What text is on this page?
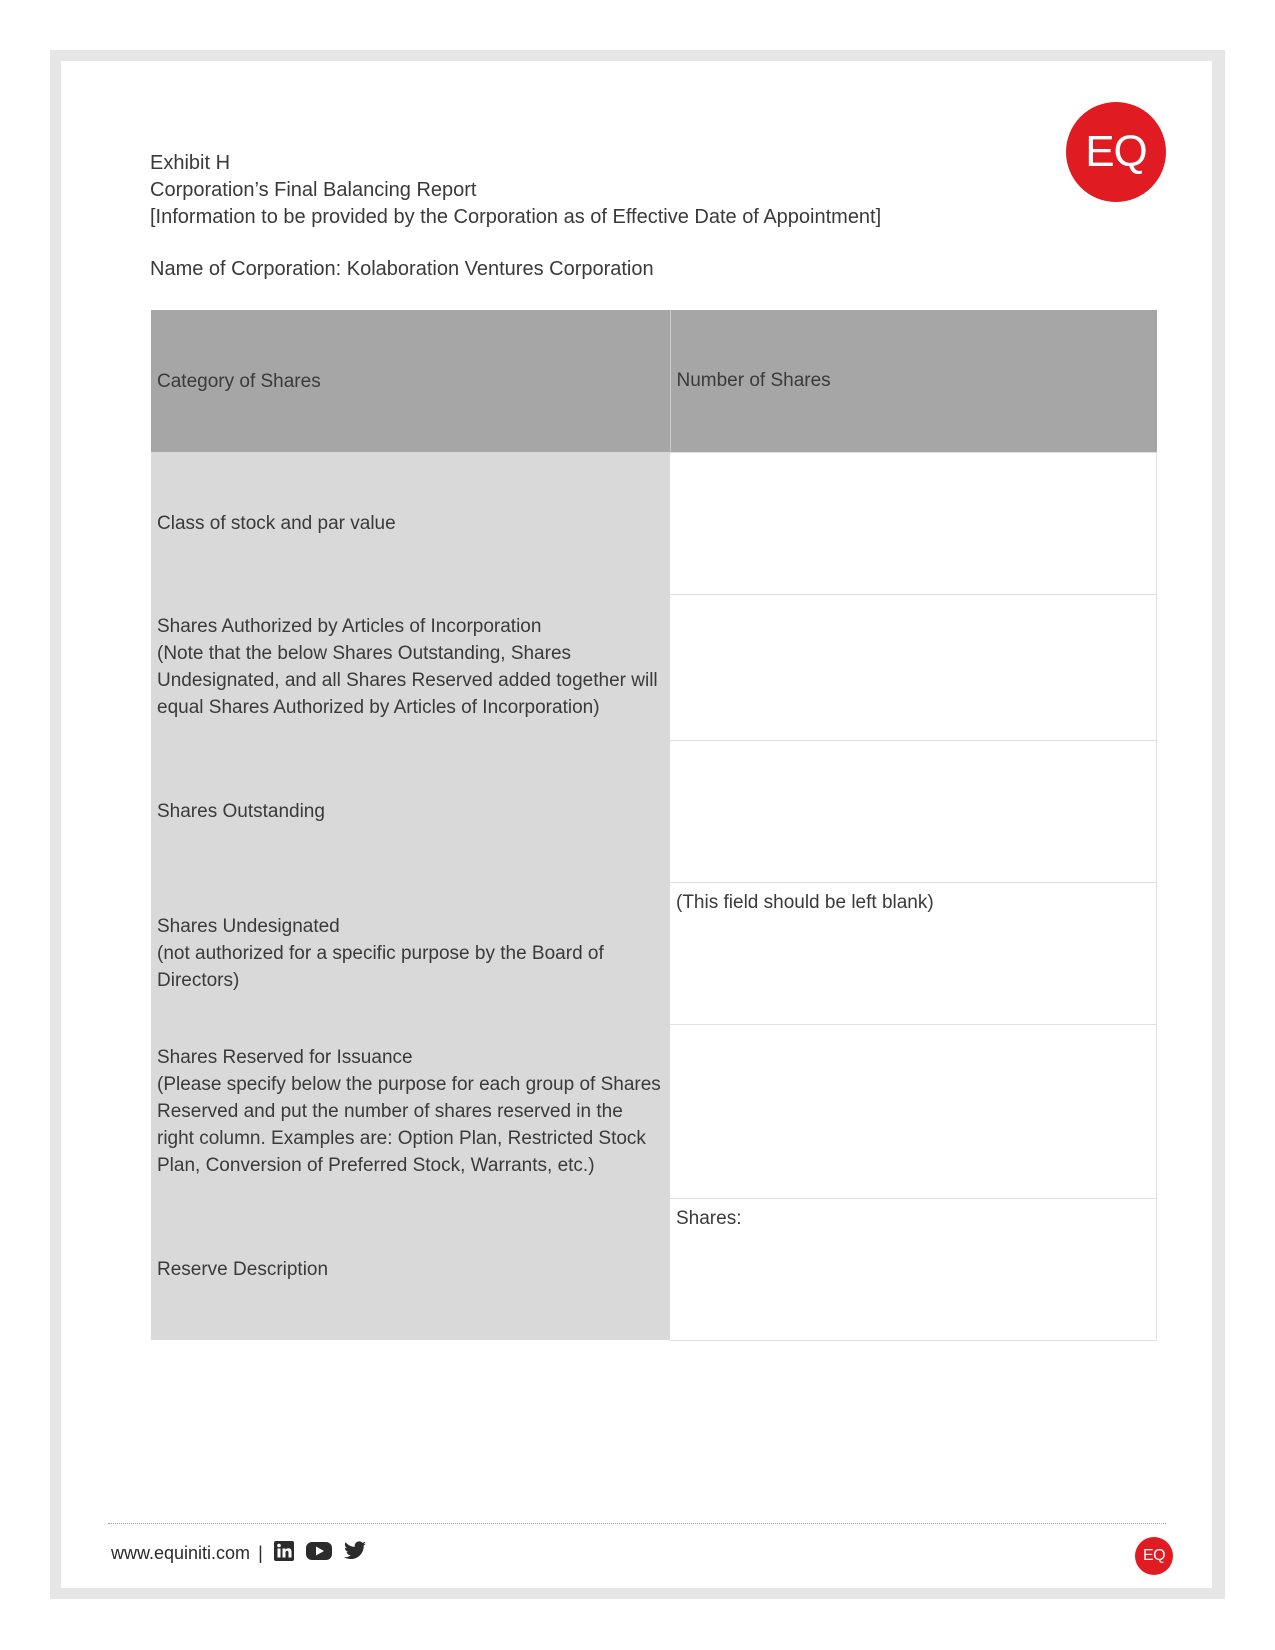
EQ
Exhibit H
Corporation’s Final Balancing Report
[Information to be provided by the Corporation as of Effective Date of Appointment]
Name of Corporation: Kolaboration Ventures Corporation
Category of Shares	Number of Shares
Class of stock and par value	

Shares Authorized by Articles of Incorporation
(Note that the below Shares Outstanding, Shares Undesignated, and all Shares Reserved added together will equal Shares Authorized by Articles of Incorporation)	

Shares Outstanding	

Shares Undesignated
(not authorized for a specific purpose by the Board of Directors)	(This field should be left blank)

Shares Reserved for Issuance
(Please specify below the purpose for each group of Shares Reserved and put the number of shares reserved in the right column. Examples are: Option Plan, Restricted Stock Plan, Conversion of Preferred Stock, Warrants, etc.)	

Reserve Description	Shares:
www.equiniti.com |	EQ
